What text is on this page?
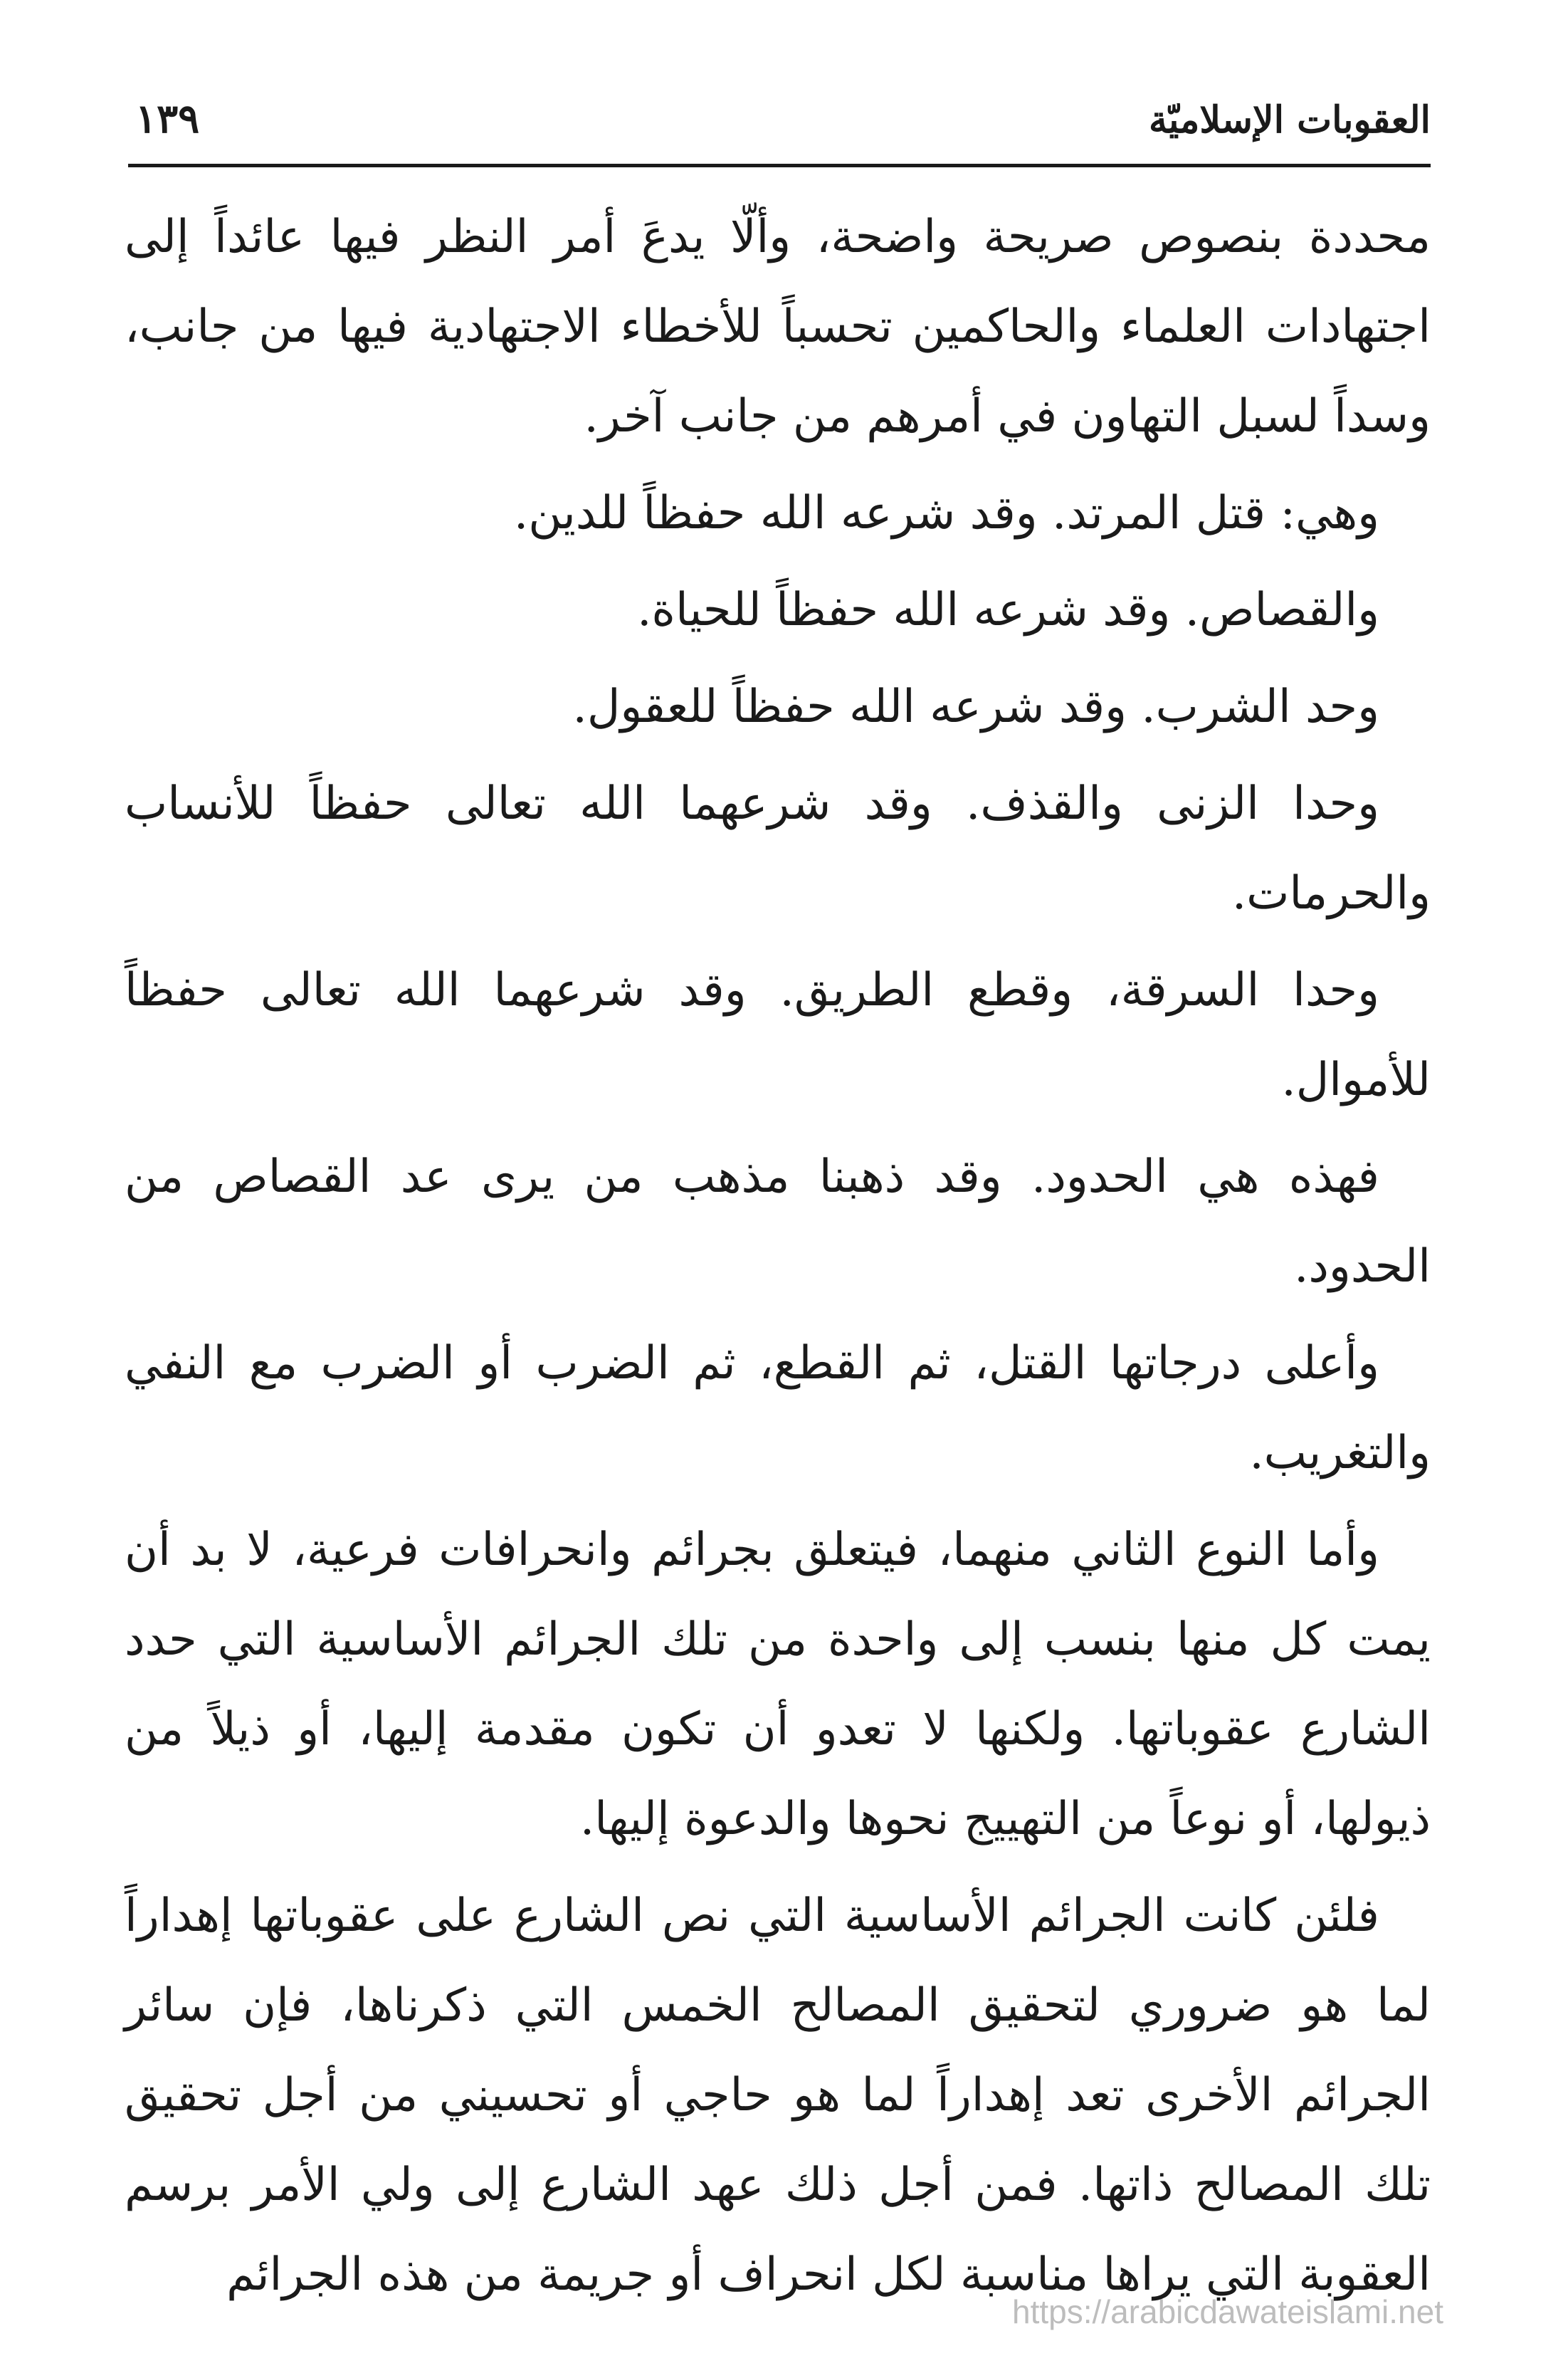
العقوبات الإسلاميّة
١٣٩

محددة بنصوص صريحة واضحة، وألّا يدعَ أمر النظر فيها عائداً إلى اجتهادات العلماء والحاكمين تحسباً للأخطاء الاجتهادية فيها من جانب، وسداً لسبل التهاون في أمرهم من جانب آخر.

وهي: قتل المرتد. وقد شرعه الله حفظاً للدين.

والقصاص. وقد شرعه الله حفظاً للحياة.

وحد الشرب. وقد شرعه الله حفظاً للعقول.

وحدا الزنى والقذف. وقد شرعهما الله تعالى حفظاً للأنساب والحرمات.

وحدا السرقة، وقطع الطريق. وقد شرعهما الله تعالى حفظاً للأموال.

فهذه هي الحدود. وقد ذهبنا مذهب من يرى عد القصاص من الحدود.

وأعلى درجاتها القتل، ثم القطع، ثم الضرب أو الضرب مع النفي والتغريب.

وأما النوع الثاني منهما، فيتعلق بجرائم وانحرافات فرعية، لا بد أن يمت كل منها بنسب إلى واحدة من تلك الجرائم الأساسية التي حدد الشارع عقوباتها. ولكنها لا تعدو أن تكون مقدمة إليها، أو ذيلاً من ذيولها، أو نوعاً من التهييج نحوها والدعوة إليها.

فلئن كانت الجرائم الأساسية التي نص الشارع على عقوباتها إهداراً لما هو ضروري لتحقيق المصالح الخمس التي ذكرناها، فإن سائر الجرائم الأخرى تعد إهداراً لما هو حاجي أو تحسيني من أجل تحقيق تلك المصالح ذاتها. فمن أجل ذلك عهد الشارع إلى ولي الأمر برسم العقوبة التي يراها مناسبة لكل انحراف أو جريمة من هذه الجرائم

https://arabicdawateislami.net
